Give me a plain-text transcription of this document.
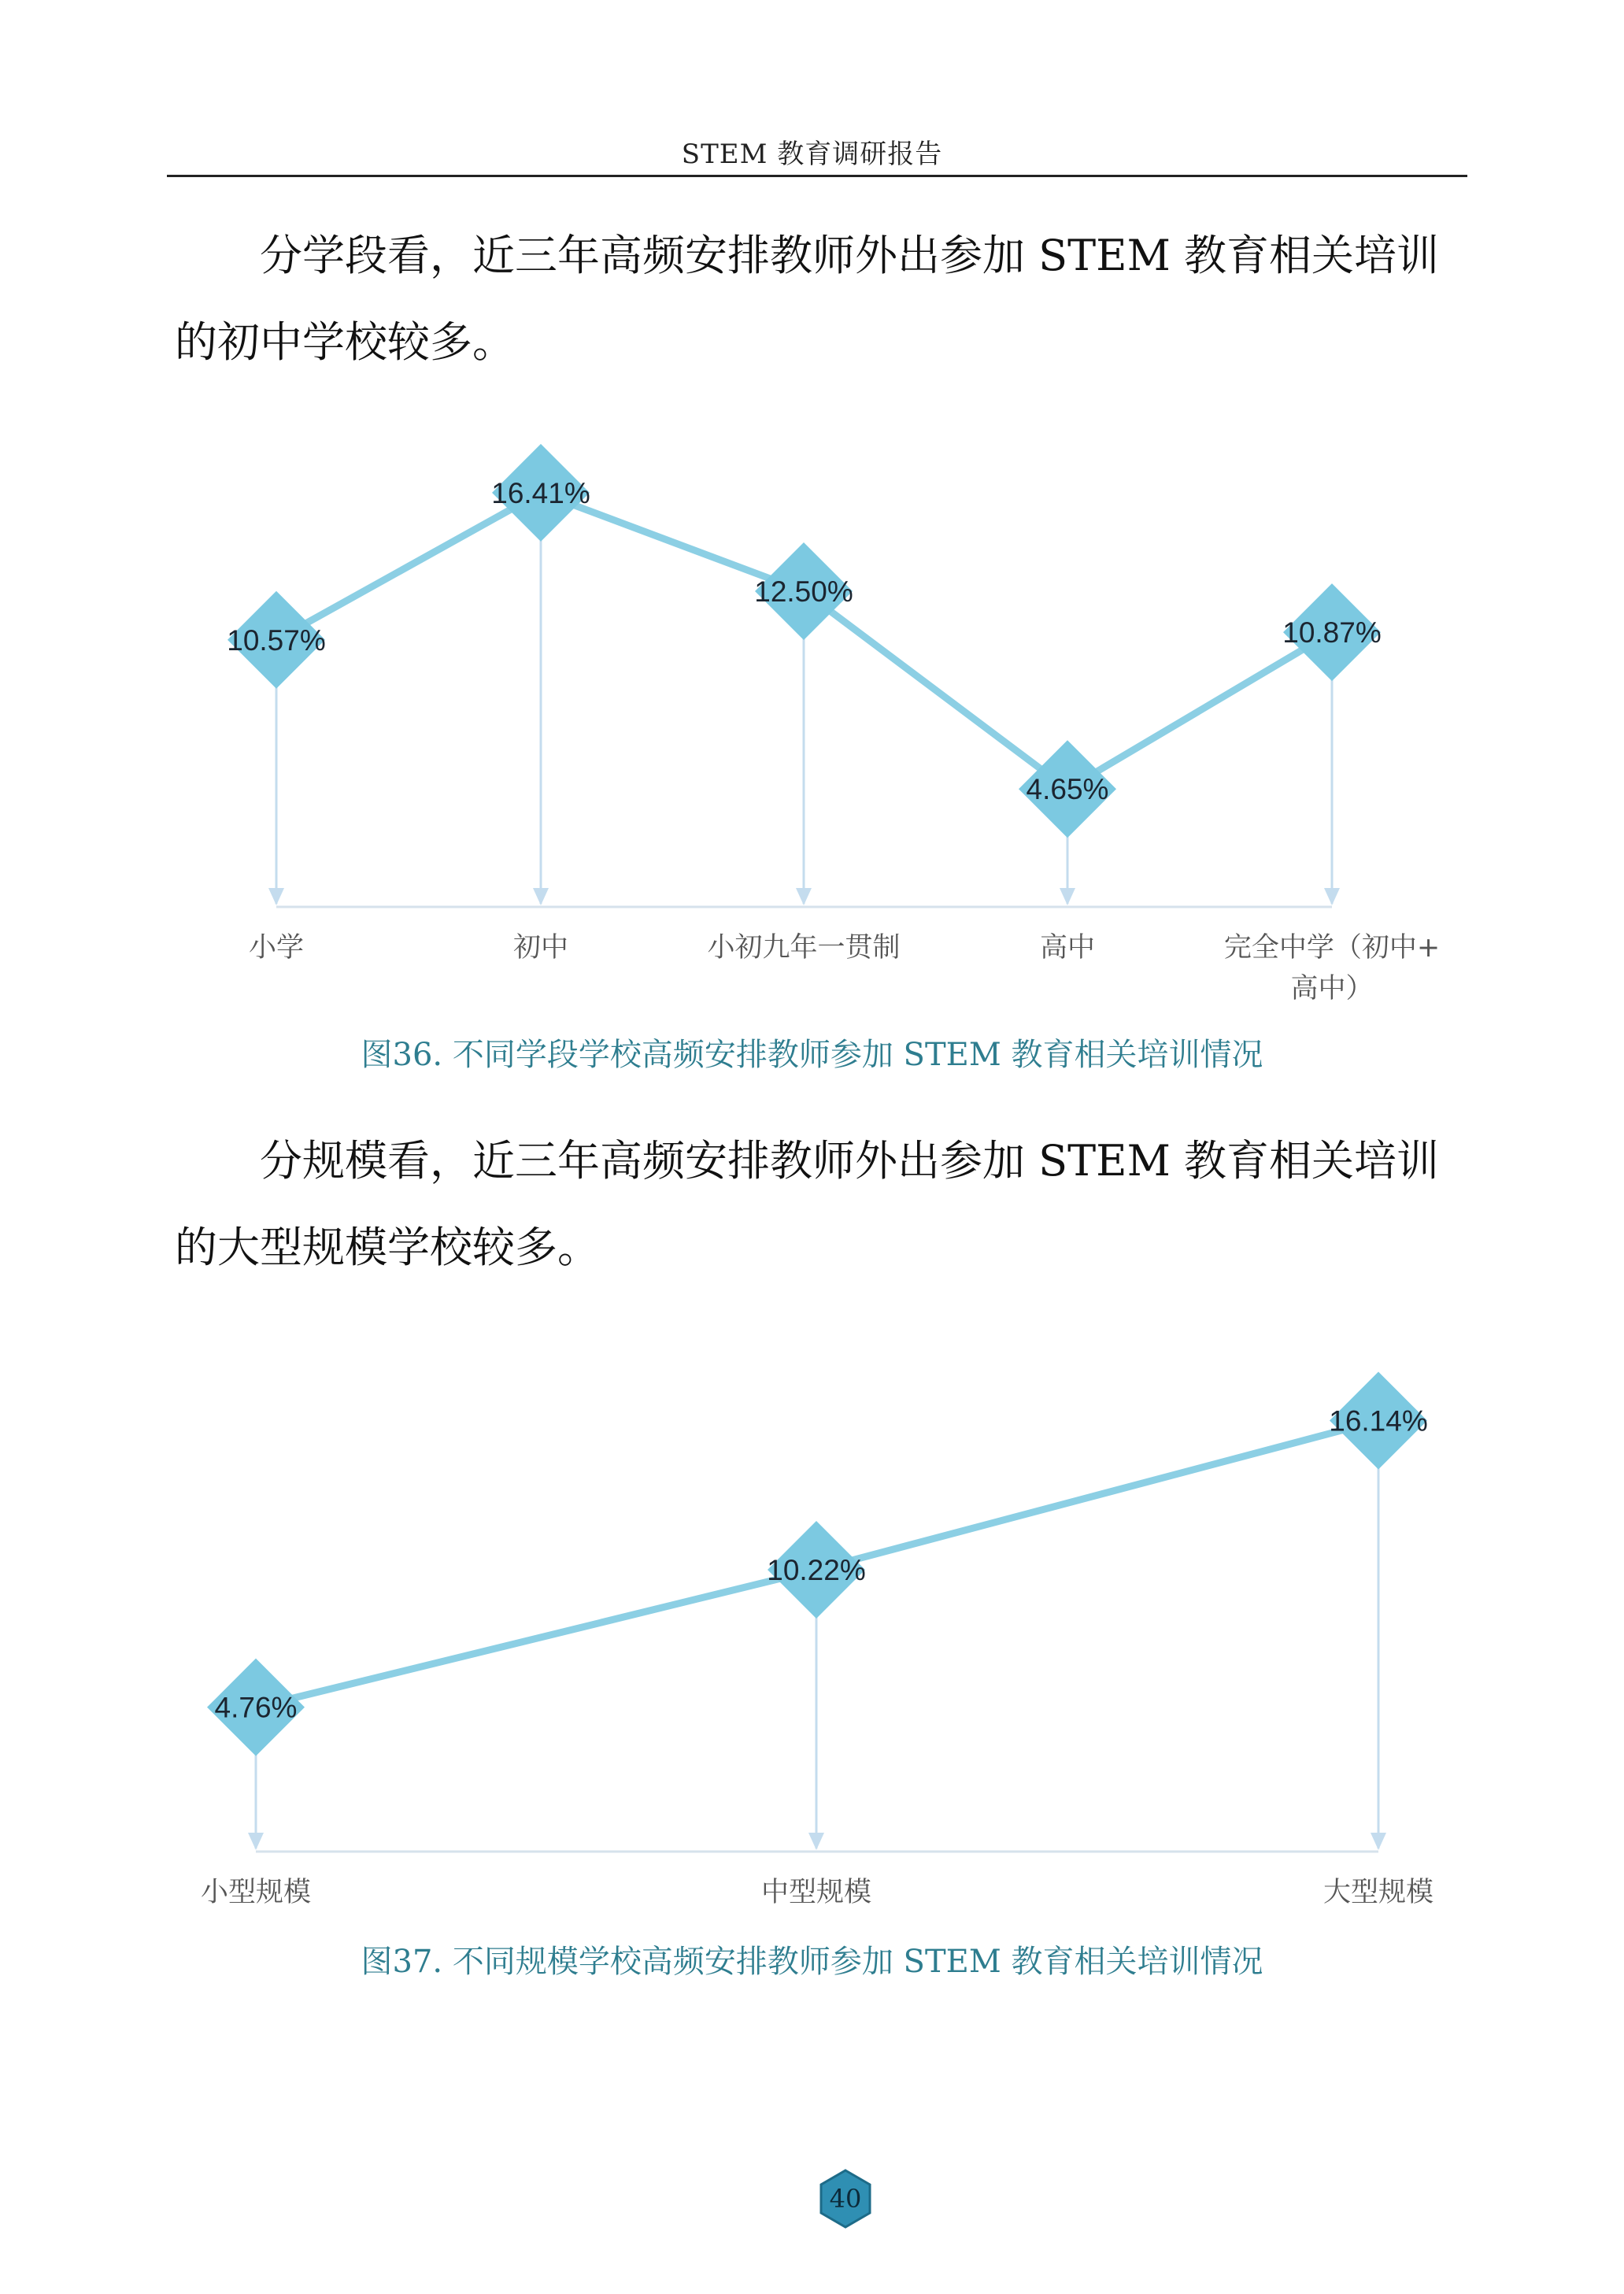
STEM 教育调研报告

分学段看，近三年高频安排教师外出参加 STEM 教育相关培训的初中学校较多。

10.57%
16.41%
12.50%
4.65%
10.87%
小学	初中	小初九年一贯制	高中	完全中学（初中+
高中）
图36. 不同学段学校高频安排教师参加 STEM 教育相关培训情况

分规模看，近三年高频安排教师外出参加 STEM 教育相关培训的大型规模学校较多。

4.76%
10.22%
16.14%
小型规模	中型规模	大型规模
图37. 不同规模学校高频安排教师参加 STEM 教育相关培训情况
40
